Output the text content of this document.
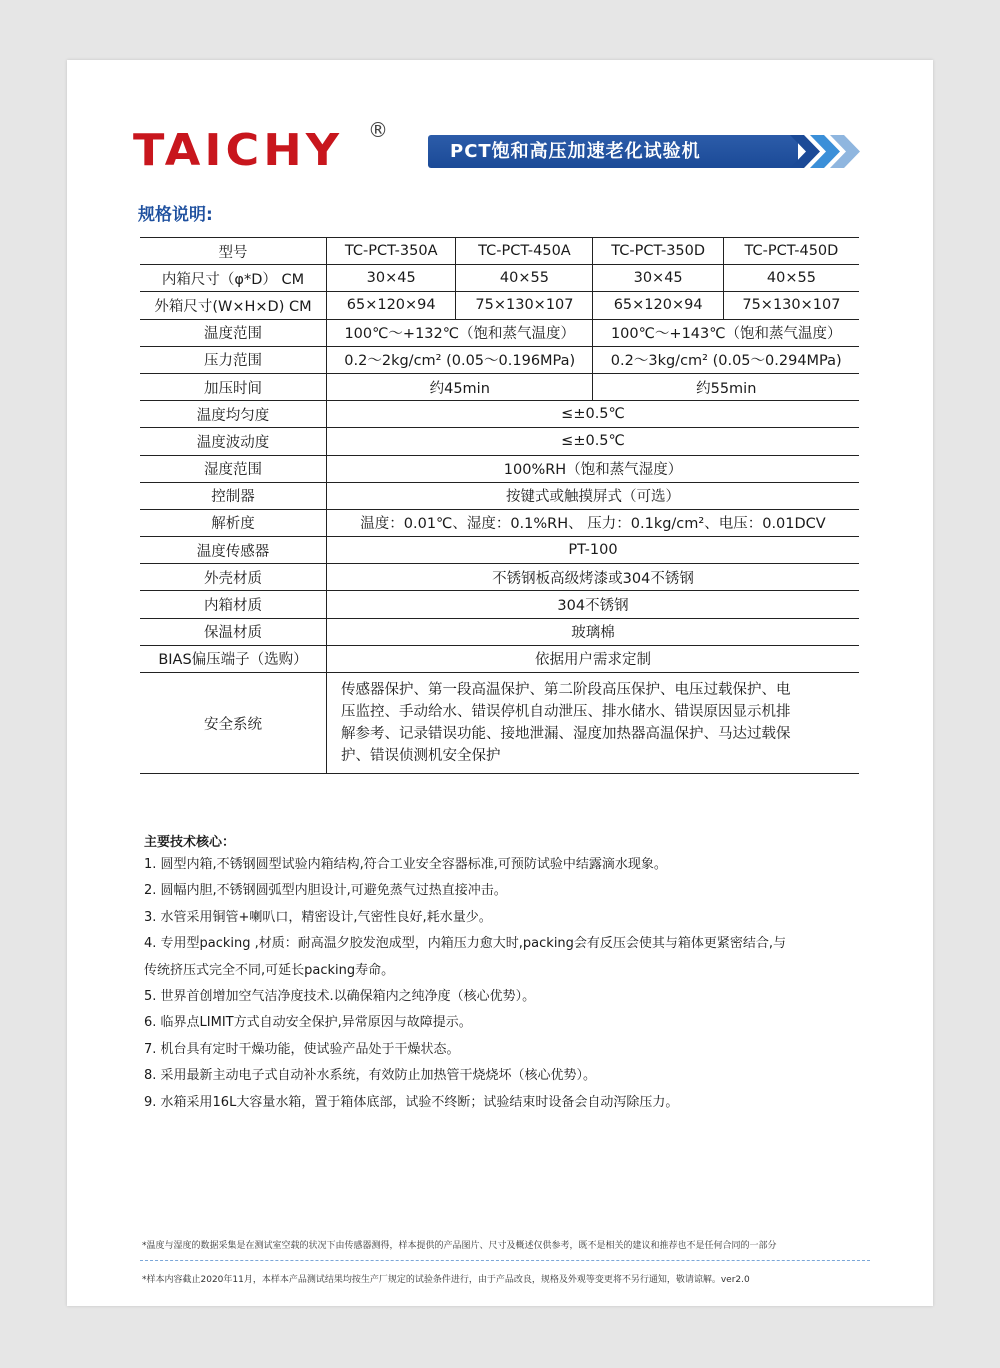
TAICHY ®
PCT饱和高压加速老化试验机
规格说明:
型号	TC-PCT-350A	TC-PCT-450A	TC-PCT-350D	TC-PCT-450D
内箱尺寸（φ*D） CM	30×45	40×55	30×45	40×55
外箱尺寸(W×H×D) CM	65×120×94	75×130×107	65×120×94	75×130×107
温度范围	100℃～+132℃（饱和蒸气温度）		100℃～+143℃（饱和蒸气温度）	
压力范围	0.2～2kg/cm² (0.05～0.196MPa)		0.2～3kg/cm² (0.05～0.294MPa)	
加压时间	约45min		约55min	
温度均匀度	≤±0.5℃			
温度波动度	≤±0.5℃			
湿度范围	100%RH（饱和蒸气湿度）			
控制器	按键式或触摸屏式（可选）			
解析度	温度：0.01℃、湿度：0.1%RH、 压力：0.1kg/cm²、电压：0.01DCV			
温度传感器	PT-100			
外壳材质	不锈钢板高级烤漆或304不锈钢			
内箱材质	304不锈钢			
保温材质	玻璃棉			
BIAS偏压端子（选购）	依据用户需求定制			
安全系统	传感器保护、第一段高温保护、第二阶段高压保护、电压过载保护、电
压监控、手动给水、错误停机自动泄压、排水储水、错误原因显示机排
解参考、记录错误功能、接地泄漏、湿度加热器高温保护、马达过载保
护、错误侦测机安全保护			
主要技术核心：
1. 圆型内箱,不锈钢圆型试验内箱结构,符合工业安全容器标准,可预防试验中结露滴水现象。
2. 圆幅内胆,不锈钢圆弧型内胆设计,可避免蒸气过热直接冲击。
3. 水管采用铜管+喇叭口，精密设计,气密性良好,耗水量少。
4. 专用型packing ,材质：耐高温夕胶发泡成型，内箱压力愈大时,packing会有反压会使其与箱体更紧密结合,与
传统挤压式完全不同,可延长packing寿命。
5. 世界首创增加空气洁净度技术.以确保箱内之纯净度（核心优势）。
6. 临界点LIMIT方式自动安全保护,异常原因与故障提示。
7. 机台具有定时干燥功能，使试验产品处于干燥状态。
8. 采用最新主动电子式自动补水系统，有效防止加热管干烧烧坏（核心优势）。
9. 水箱采用16L大容量水箱，置于箱体底部，试验不终断；试验结束时设备会自动泻除压力。
*温度与湿度的数据采集是在测试室空载的状况下由传感器测得，样本提供的产品图片、尺寸及概述仅供参考，既不是相关的建议和推荐也不是任何合同的一部分
*样本内容截止2020年11月，本样本产品测试结果均按生产厂规定的试验条件进行，由于产品改良，规格及外观等变更将不另行通知，敬请谅解。ver2.0
